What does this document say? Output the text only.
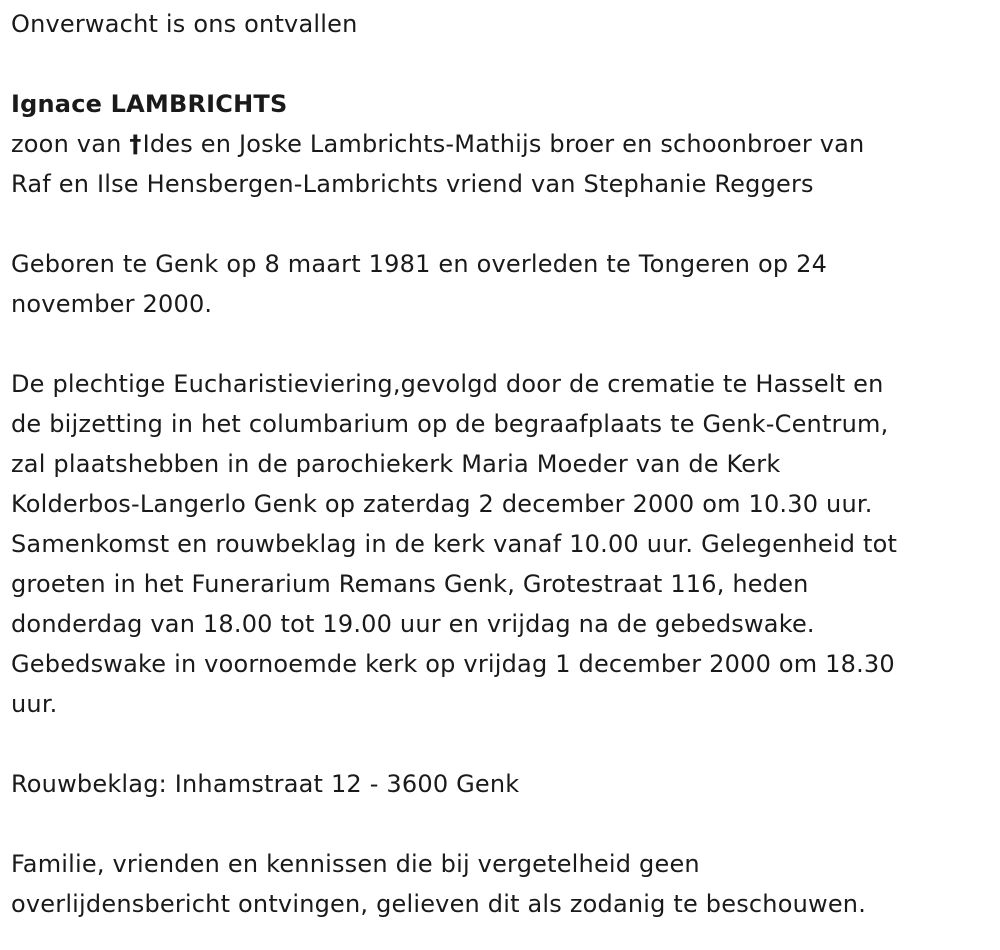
Onverwacht is ons ontvallen
Ignace LAMBRICHTS
zoon van †Ides en Joske Lambrichts-Mathijs broer en schoonbroer van
Raf en Ilse Hensbergen-Lambrichts vriend van Stephanie Reggers
Geboren te Genk op 8 maart 1981 en overleden te Tongeren op 24
november 2000.
De plechtige Eucharistieviering,gevolgd door de crematie te Hasselt en
de bijzetting in het columbarium op de begraafplaats te Genk-Centrum,
zal plaatshebben in de parochiekerk Maria Moeder van de Kerk
Kolderbos-Langerlo Genk op zaterdag 2 december 2000 om 10.30 uur.
Samenkomst en rouwbeklag in de kerk vanaf 10.00 uur. Gelegenheid tot
groeten in het Funerarium Remans Genk, Grotestraat 116, heden
donderdag van 18.00 tot 19.00 uur en vrijdag na de gebedswake.
Gebedswake in voornoemde kerk op vrijdag 1 december 2000 om 18.30
uur.
Rouwbeklag: Inhamstraat 12 - 3600 Genk
Familie, vrienden en kennissen die bij vergetelheid geen
overlijdensbericht ontvingen, gelieven dit als zodanig te beschouwen.
